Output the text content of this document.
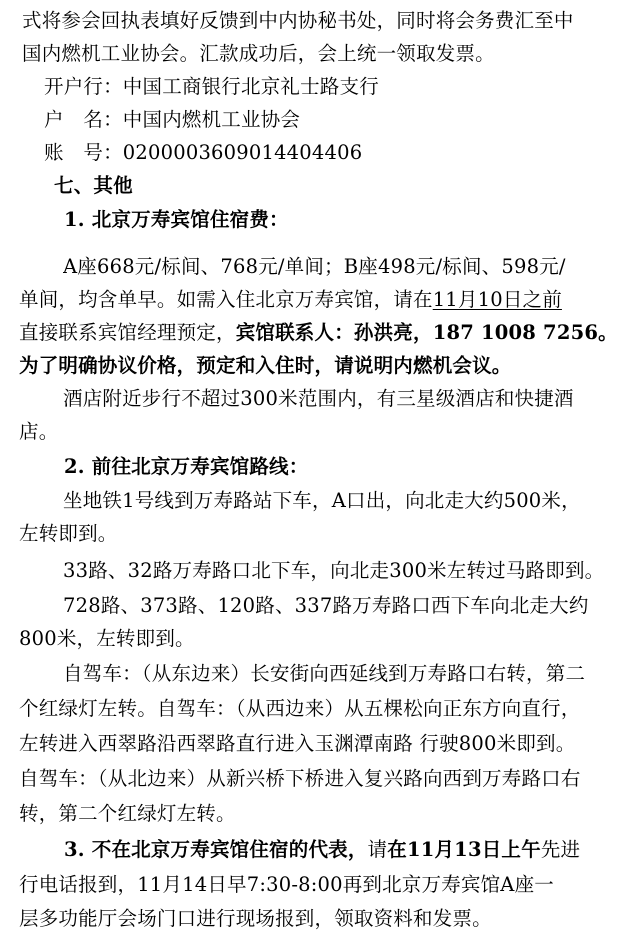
式将参会回执表填好反馈到中内协秘书处，同时将会务费汇至中
国内燃机工业协会。汇款成功后，会上统一领取发票。
开户行：中国工商银行北京礼士路支行
户　名：中国内燃机工业协会
账　号：0200003609014404406
七、其他
1. 北京万寿宾馆住宿费：
A座668元/标间、768元/单间；B座498元/标间、598元/
单间，均含单早。如需入住北京万寿宾馆，请在11月10日之前
直接联系宾馆经理预定，宾馆联系人：孙洪亮，187 1008 7256。
为了明确协议价格，预定和入住时，请说明内燃机会议。
酒店附近步行不超过300米范围内，有三星级酒店和快捷酒
店。
2. 前往北京万寿宾馆路线：
坐地铁1号线到万寿路站下车，A口出，向北走大约500米，
左转即到。
33路、32路万寿路口北下车，向北走300米左转过马路即到。
728路、373路、120路、337路万寿路口西下车向北走大约
800米，左转即到。
自驾车：（从东边来）长安街向西延线到万寿路口右转，第二
个红绿灯左转。自驾车：（从西边来）从五棵松向正东方向直行，
左转进入西翠路沿西翠路直行进入玉渊潭南路 行驶800米即到。
自驾车：（从北边来）从新兴桥下桥进入复兴路向西到万寿路口右
转，第二个红绿灯左转。
3. 不在北京万寿宾馆住宿的代表，请在11月13日上午先进
行电话报到，11月14日早7:30-8:00再到北京万寿宾馆A座一
层多功能厅会场门口进行现场报到，领取资料和发票。
